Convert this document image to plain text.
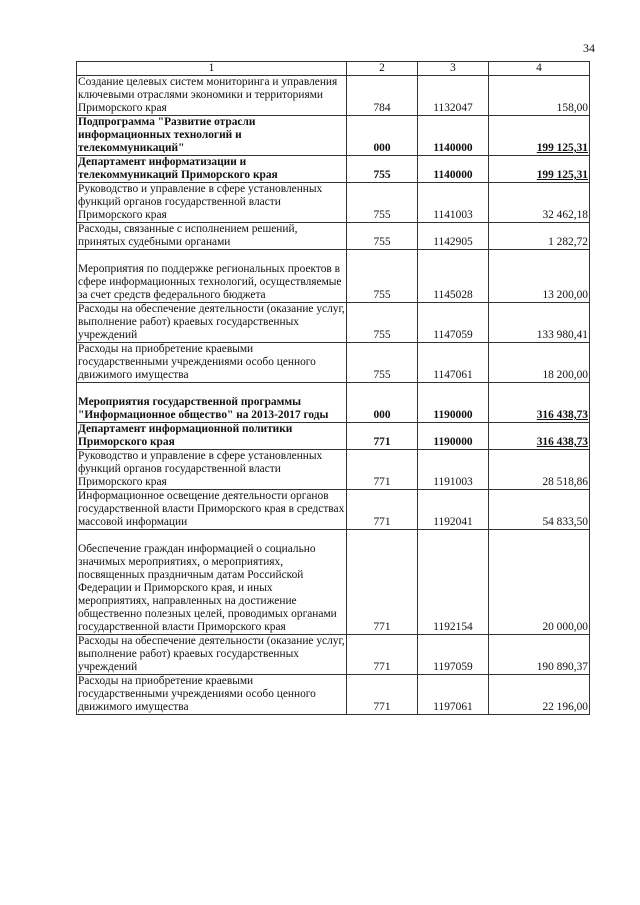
34
1	2	3	4
Создание целевых систем мониторинга и управления ключевыми отраслями экономики и территориями Приморского края	784	1132047	158,00
Подпрограмма "Развитие отрасли информационных технологий и телекоммуникаций"	000	1140000	199 125,31
Департамент информатизации и телекоммуникаций Приморского края	755	1140000	199 125,31
Руководство и управление в сфере установленных функций органов государственной власти Приморского края	755	1141003	32 462,18
Расходы, связанные с исполнением решений, принятых судебными органами	755	1142905	1 282,72
Мероприятия по поддержке региональных проектов в сфере информационных технологий, осуществляемые за счет средств федерального бюджета	755	1145028	13 200,00
Расходы на обеспечение деятельности (оказание услуг, выполнение работ) краевых государственных учреждений	755	1147059	133 980,41
Расходы на приобретение краевыми государственными учреждениями особо ценного движимого имущества	755	1147061	18 200,00
Мероприятия государственной программы "Информационное общество" на 2013-2017 годы	000	1190000	316 438,73
Департамент информационной политики Приморского края	771	1190000	316 438,73
Руководство и управление в сфере установленных функций органов государственной власти Приморского края	771	1191003	28 518,86
Информационное освещение деятельности органов государственной власти Приморского края в средствах массовой информации	771	1192041	54 833,50
Обеспечение граждан информацией о социально значимых мероприятиях, о мероприятиях, посвященных праздничным датам Российской Федерации и Приморского края, и иных мероприятиях, направленных на достижение общественно полезных целей, проводимых органами государственной власти Приморского края	771	1192154	20 000,00
Расходы на обеспечение деятельности (оказание услуг, выполнение работ) краевых государственных учреждений	771	1197059	190 890,37
Расходы на приобретение краевыми государственными учреждениями особо ценного движимого имущества	771	1197061	22 196,00
